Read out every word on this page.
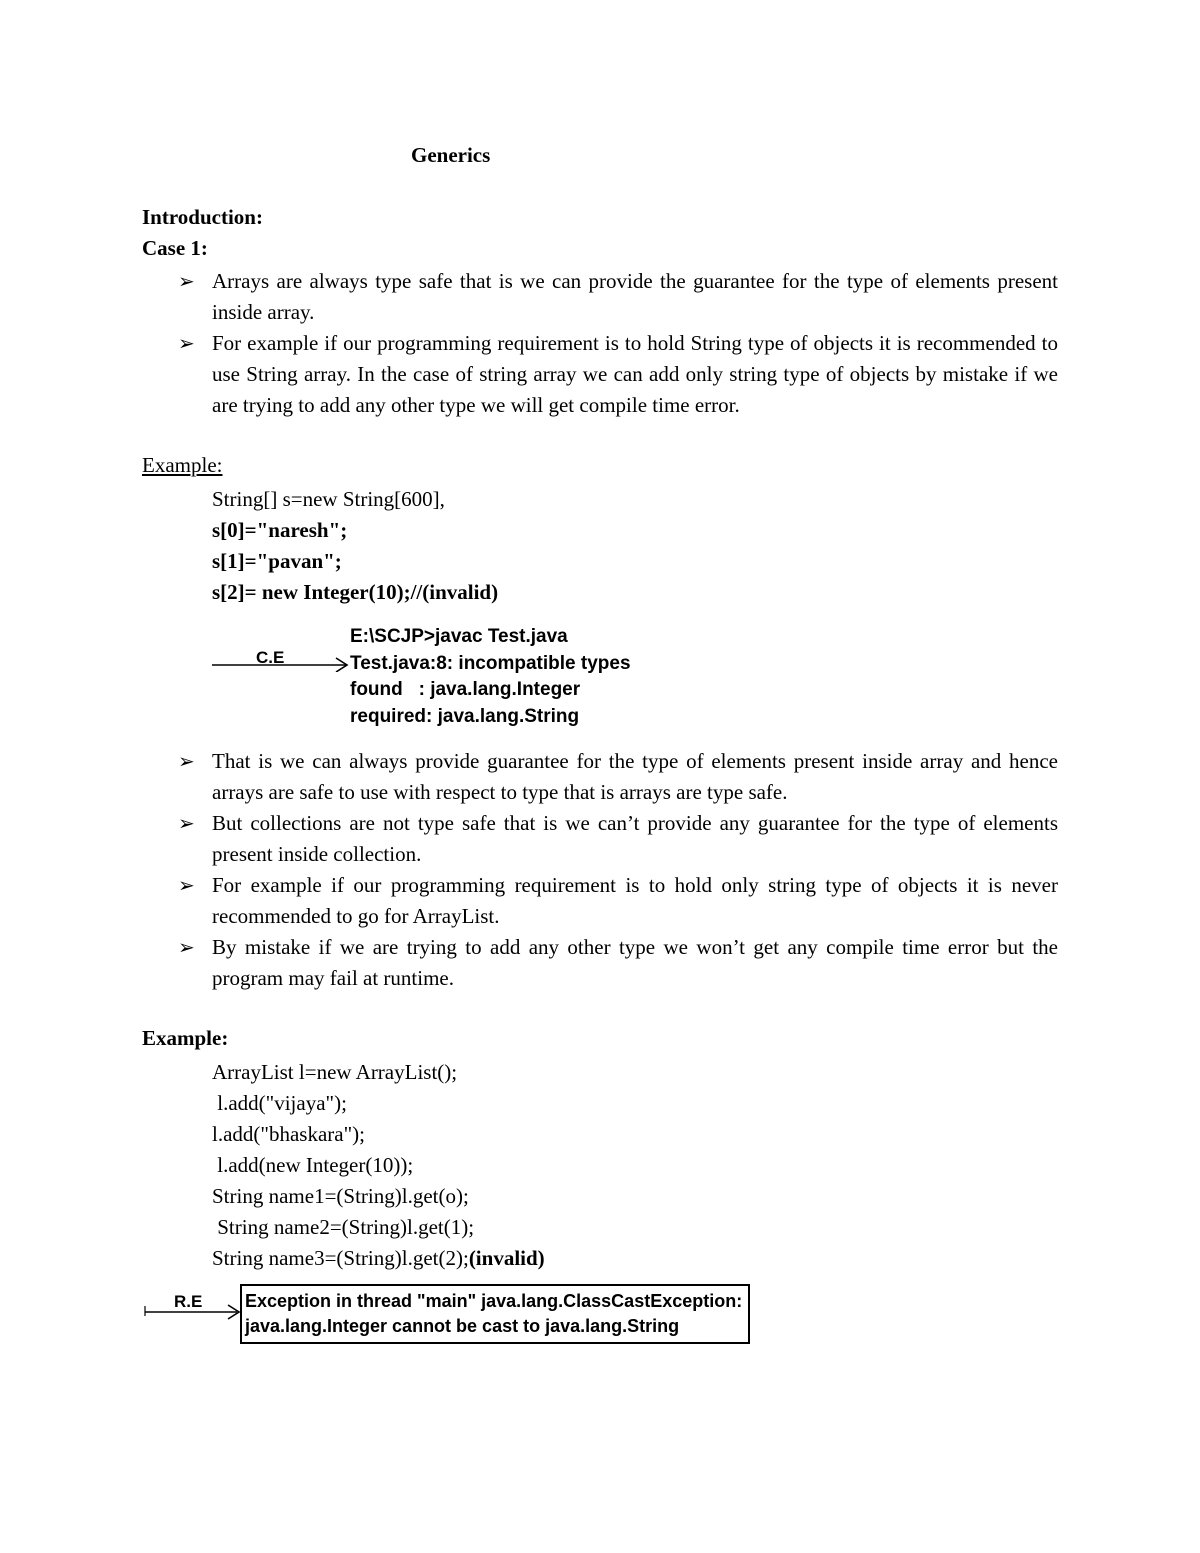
Generics
Introduction:
Case 1:
➢ Arrays are always type safe that is we can provide the guarantee for the type of elements present inside array.
➢ For example if our programming requirement is to hold String type of objects it is recommended to use String array. In the case of string array we can add only string type of objects by mistake if we are trying to add any other type we will get compile time error.
Example:
String[] s=new String[600],
s[0]="naresh";
s[1]="pavan";
s[2]= new Integer(10);//(invalid)
C.E
E:\SCJP>javac Test.java
Test.java:8: incompatible types
found   : java.lang.Integer
required: java.lang.String
➢ That is we can always provide guarantee for the type of elements present inside array and hence arrays are safe to use with respect to type that is arrays are type safe.
➢ But collections are not type safe that is we can’t provide any guarantee for the type of elements present inside collection.
➢ For example if our programming requirement is to hold only string type of objects it is never recommended to go for ArrayList.
➢ By mistake if we are trying to add any other type we won’t get any compile time error but the program may fail at runtime.
Example:
ArrayList l=new ArrayList();
l.add("vijaya");
l.add("bhaskara");
l.add(new Integer(10));
String name1=(String)l.get(o);
String name2=(String)l.get(1);
String name3=(String)l.get(2);(invalid)
R.E Exception in thread "main" java.lang.ClassCastException:
java.lang.Integer cannot be cast to java.lang.String
